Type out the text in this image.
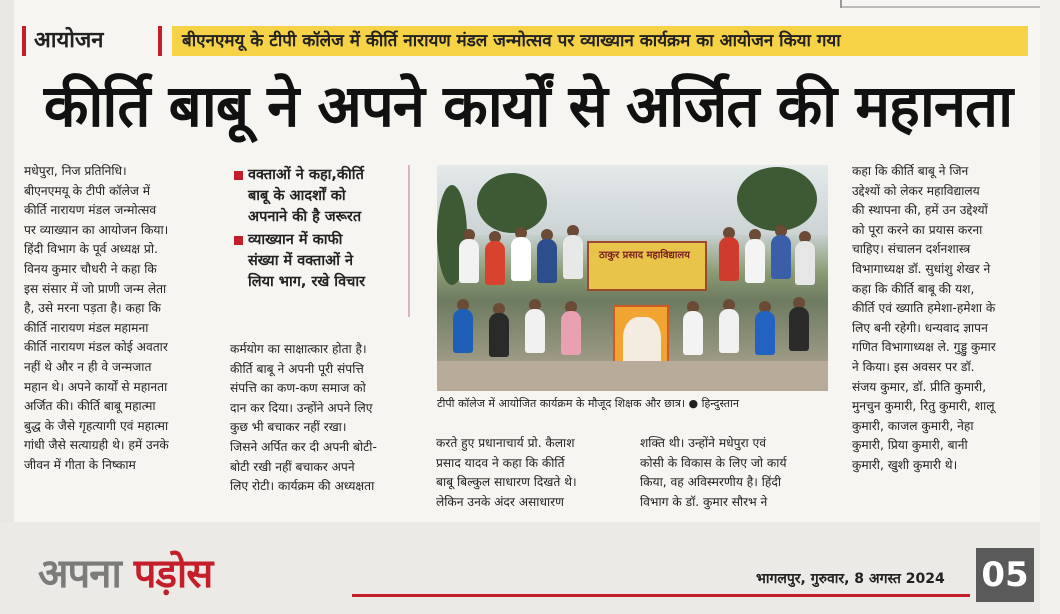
आयोजन	बीएनएमयू के टीपी कॉलेज में कीर्ति नारायण मंडल जन्मोत्सव पर व्याख्यान कार्यक्रम का आयोजन किया गया
कीर्ति बाबू ने अपने कार्यों से अर्जित की महानता

मधेपुरा, निज प्रतिनिधि।

बीएनएमयू के टीपी कॉलेज में

कीर्ति नारायण मंडल जन्मोत्सव

पर व्याख्यान का आयोजन किया।

हिंदी विभाग के पूर्व अध्यक्ष प्रो.

विनय कुमार चौधरी ने कहा कि

इस संसार में जो प्राणी जन्म लेता

है, उसे मरना पड़ता है। कहा कि

कीर्ति नारायण मंडल महामना

कीर्ति नारायण मंडल कोई अवतार

नहीं थे और न ही वे जन्मजात

महान थे। अपने कार्यों से महानता

अर्जित की। कीर्ति बाबू महात्मा

बुद्ध के जैसे गृहत्यागी एवं महात्मा

गांधी जैसे सत्याग्रही थे। हमें उनके

जीवन में गीता के निष्काम

वक्ताओं ने कहा,कीर्ति

बाबू के आदर्शों को

अपनाने की है जरूरत

व्याख्यान में काफी

संख्या में वक्ताओं ने

लिया भाग, रखे विचार

कर्मयोग का साक्षात्कार होता है।

कीर्ति बाबू ने अपनी पूरी संपत्ति

संपत्ति का कण-कण समाज को

दान कर दिया। उन्होंने अपने लिए

कुछ भी बचाकर नहीं रखा।

जिसने अर्पित कर दी अपनी बोटी-

बोटी रखी नहीं बचाकर अपने

लिए रोटी। कार्यक्रम की अध्यक्षता

ठाकुर प्रसाद महाविद्यालय
टीपी कॉलेज में आयोजित कार्यक्रम के मौजूद शिक्षक और छात्र। ● हिन्दुस्तान

करते हुए प्रधानाचार्य प्रो. कैलाश

प्रसाद यादव ने कहा कि कीर्ति

बाबू बिल्कुल साधारण दिखते थे।

लेकिन उनके अंदर असाधारण

शक्ति थी। उन्होंने मधेपुरा एवं

कोसी के विकास के लिए जो कार्य

किया, वह अविस्मरणीय है। हिंदी

विभाग के डॉ. कुमार सौरभ ने

कहा कि कीर्ति बाबू ने जिन

उद्देश्यों को लेकर महाविद्यालय

की स्थापना की, हमें उन उद्देश्यों

को पूरा करने का प्रयास करना

चाहिए। संचालन दर्शनशास्त्र

विभागाध्यक्ष डॉ. सुधांशु शेखर ने

कहा कि कीर्ति बाबू की यश,

कीर्ति एवं ख्याति हमेशा-हमेशा के

लिए बनी रहेगी। धन्यवाद ज्ञापन

गणित विभागाध्यक्ष ले. गुड्डु कुमार

ने किया। इस अवसर पर डॉ.

संजय कुमार, डॉ. प्रीति कुमारी,

मुनचुन कुमारी, रितु कुमारी, शालू

कुमारी, काजल कुमारी, नेहा

कुमारी, प्रिया कुमारी, बानी

कुमारी, खुशी कुमारी थे।

अपना पड़ोस	भागलपुर, गुरुवार, 8 अगस्त 2024 05
